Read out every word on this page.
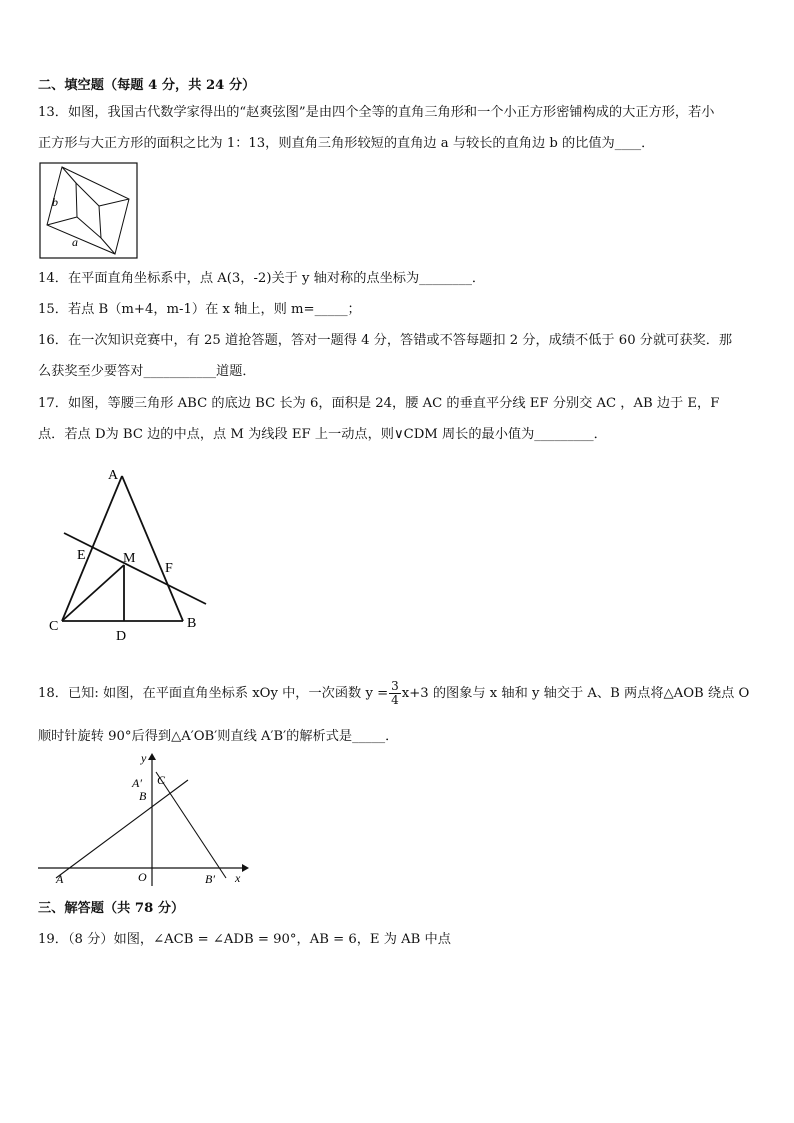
二、填空题（每题 4 分，共 24 分）
13．如图，我国古代数学家得出的“赵爽弦图”是由四个全等的直角三角形和一个小正方形密铺构成的大正方形，若小
正方形与大正方形的面积之比为 1：13，则直角三角形较短的直角边 a 与较长的直角边 b 的比值为____．
b
a
14．在平面直角坐标系中，点 A(3，-2)关于 y 轴对称的点坐标为________．
15．若点 B（m+4，m-1）在 x 轴上，则 m=_____；
16．在一次知识竞赛中，有 25 道抢答题，答对一题得 4 分，答错或不答每题扣 2 分，成绩不低于 60 分就可获奖．那
么获奖至少要答对___________道题．
17．如图，等腰三角形 ABC 的底边 BC 长为 6，面积是 24，腰 AC 的垂直平分线 EF 分别交 AC ，AB 边于 E，F
点．若点 D为 BC 边的中点，点 M 为线段 EF 上一动点，则∨CDM 周长的最小值为_________．
A
E	M
F
C
D
B
18．已知: 如图，在平面直角坐标系 xOy 中，一次函数 $y = \frac{3}{4} x+3$ 的图象与 x 轴和 y 轴交于 A、B 两点将△AOB 绕点 O
顺时针旋转 90°后得到△A′OB′则直线 A′B′的解析式是_____．
y
A′ C
B
A	O	B′ x
三、解答题（共 78 分）
19．（8 分）如图，∠ACB = ∠ADB = 90°，AB = 6，E 为 AB 中点
